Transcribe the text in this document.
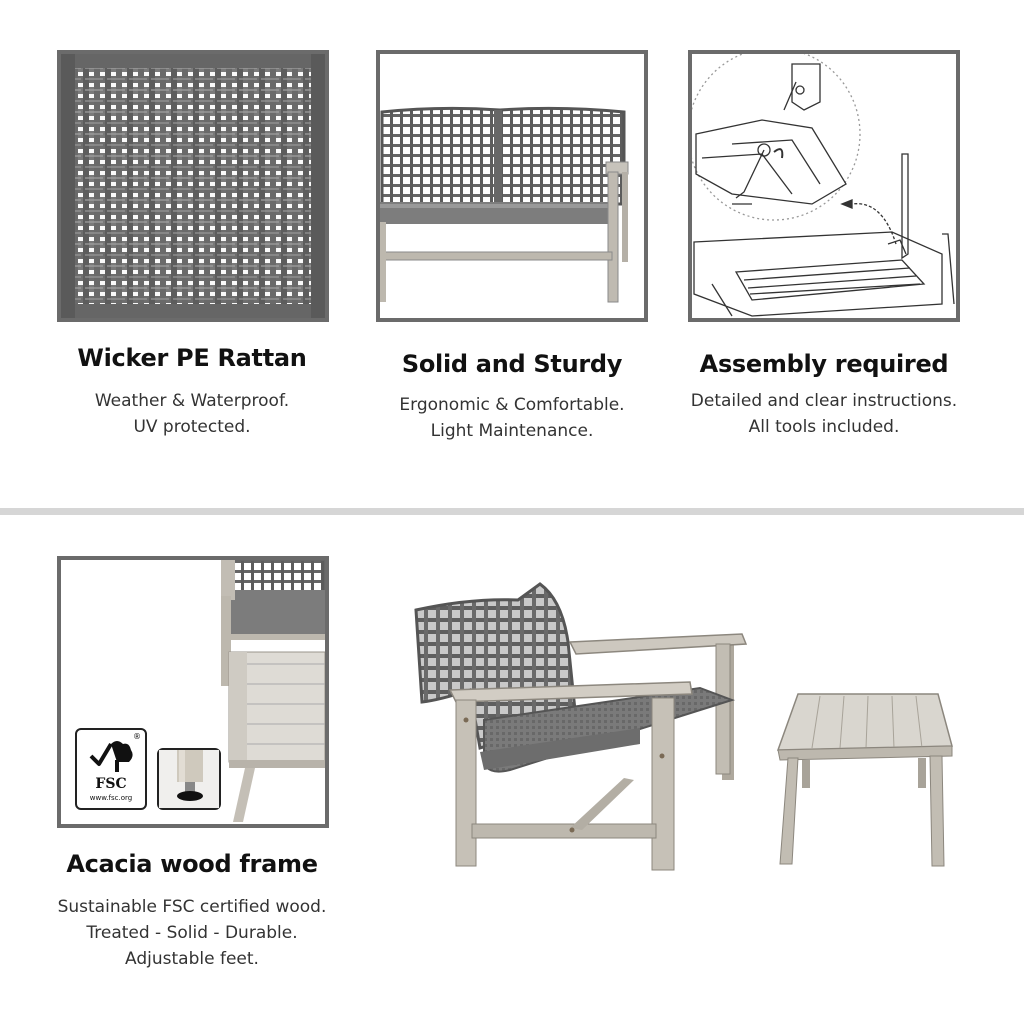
Wicker PE Rattan
Weather & Waterproof.
UV protected.
Solid and Sturdy
Ergonomic & Comfortable.
Light Maintenance.
Assembly required
Detailed and clear instructions.
All tools included.
FSC
www.fsc.org
®
Acacia wood frame
Sustainable FSC certified wood.
Treated - Solid - Durable.
Adjustable feet.
